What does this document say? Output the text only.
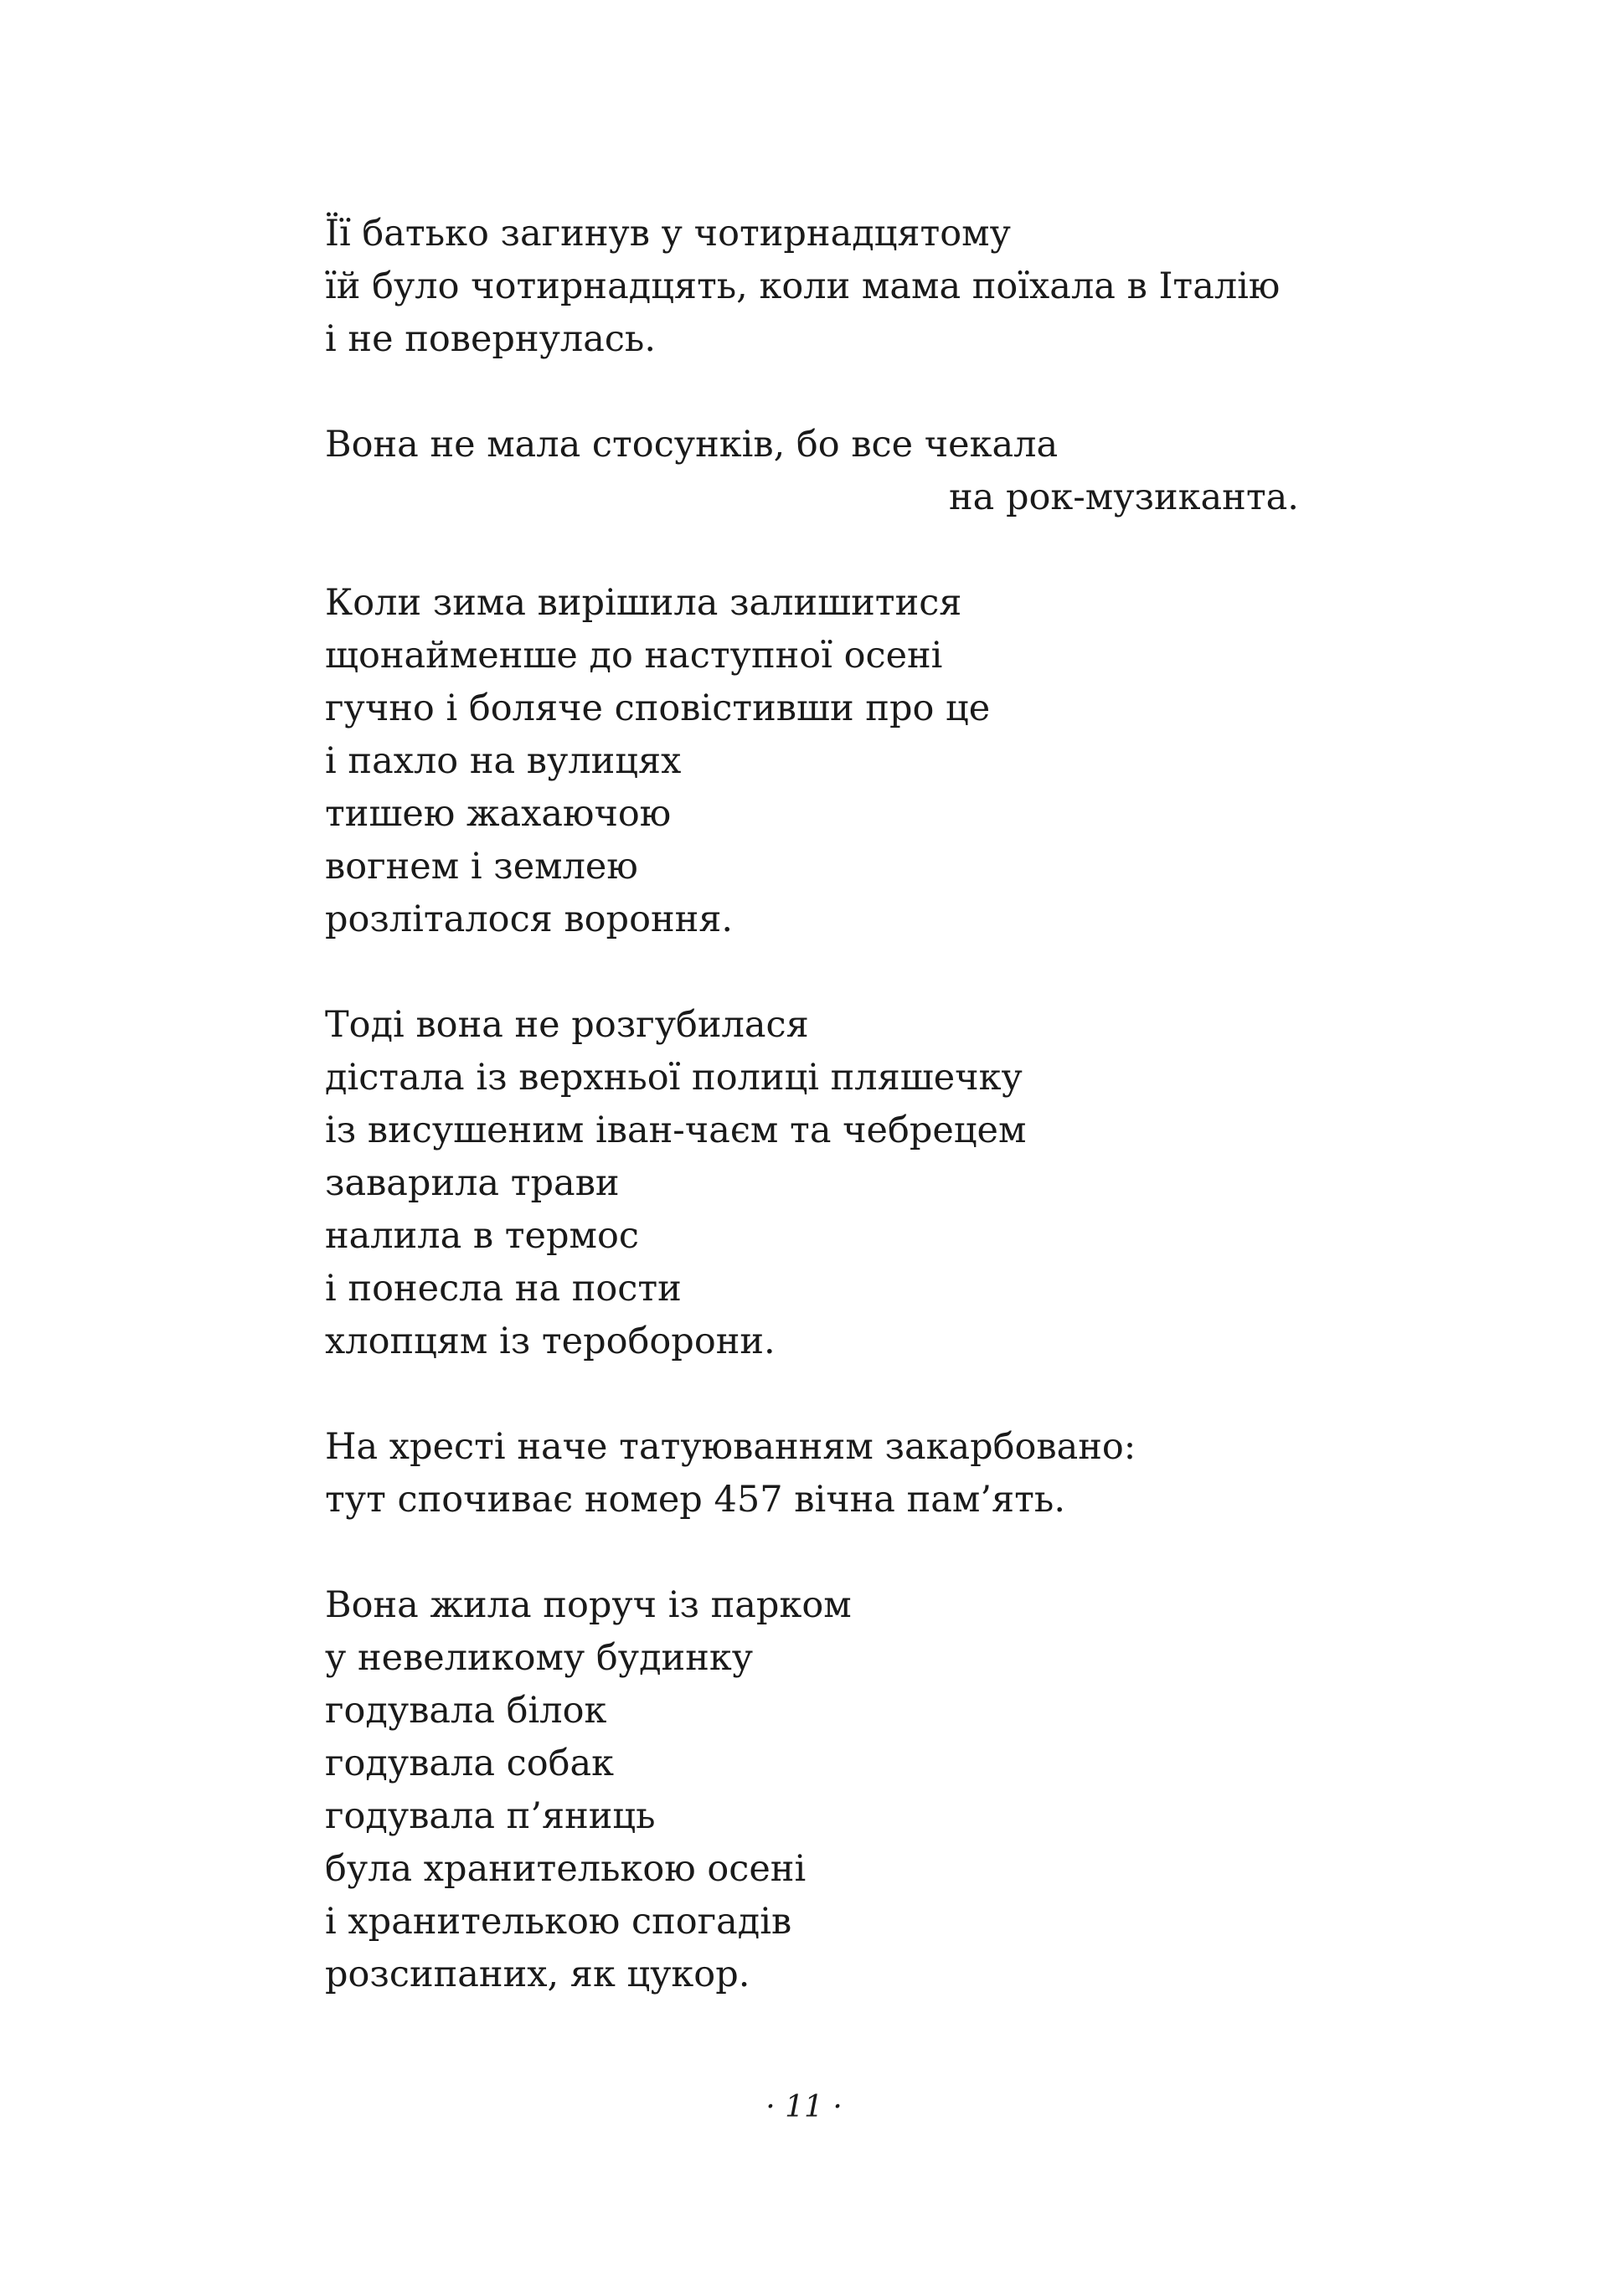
Її батько загинув у чотирнадцятому
їй було чотирнадцять, коли мама поїхала в Італію
і не повернулась.
Вона не мала стосунків, бо все чекала
на рок-музиканта.
Коли зима вирішила залишитися
щонайменше до наступної осені
гучно і боляче сповістивши про це
і пахло на вулицях
тишею жахаючою
вогнем і землею
розліталося вороння.
Тоді вона не розгубилася
дістала із верхньої полиці пляшечку
із висушеним іван-чаєм та чебрецем
заварила трави
налила в термос
і понесла на пости
хлопцям із тероборони.
На хресті наче татуюванням закарбовано:
тут спочиває номер 457 вічна пам’ять.
Вона жила поруч із парком
у невеликому будинку
годувала білок
годувала собак
годувала п’яниць
була хранителькою осені
і хранителькою спогадів
розсипаних, як цукор.
· 11 ·
